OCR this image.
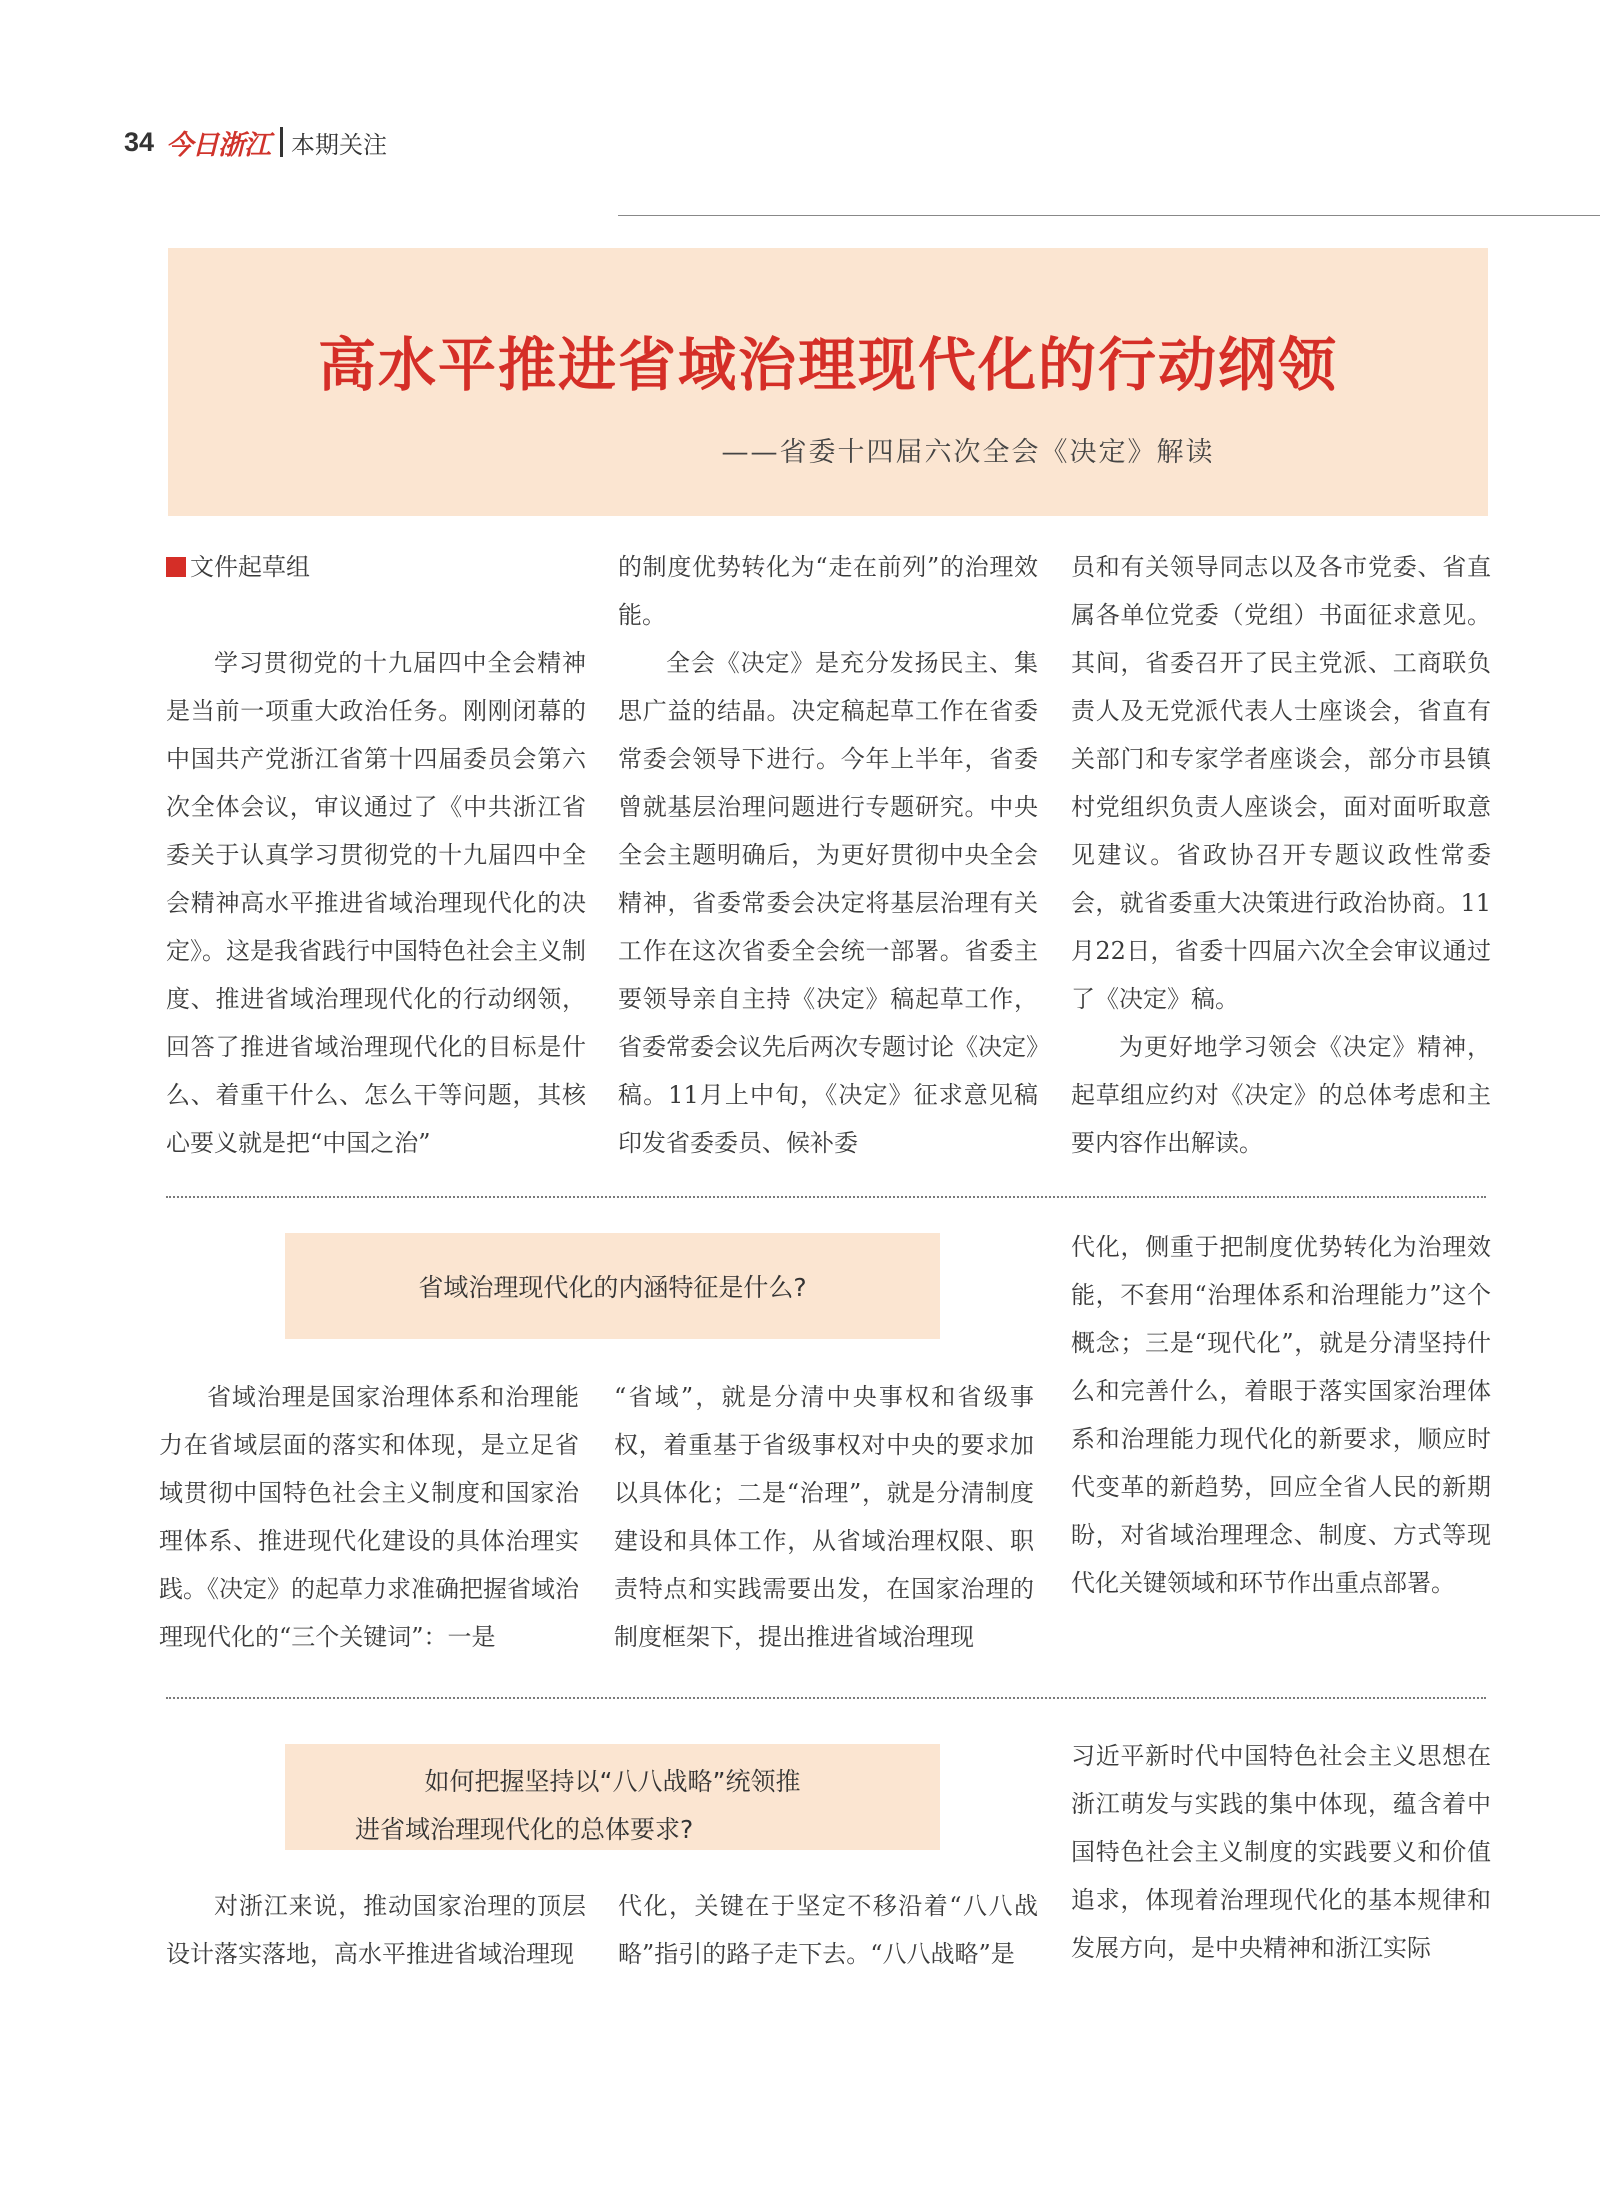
34 今日浙江 本期关注
高水平推进省域治理现代化的行动纲领
——省委十四届六次全会《决定》解读
文件起草组

学习贯彻党的十九届四中全会精神是当前一项重大政治任务。刚刚闭幕的中国共产党浙江省第十四届委员会第六次全体会议，审议通过了《中共浙江省委关于认真学习贯彻党的十九届四中全会精神高水平推进省域治理现代化的决定》。这是我省践行中国特色社会主义制度、推进省域治理现代化的行动纲领，回答了推进省域治理现代化的目标是什么、着重干什么、怎么干等问题，其核心要义就是把“中国之治”

的制度优势转化为“走在前列”的治理效能。

全会《决定》是充分发扬民主、集思广益的结晶。决定稿起草工作在省委常委会领导下进行。今年上半年，省委曾就基层治理问题进行专题研究。中央全会主题明确后，为更好贯彻中央全会精神，省委常委会决定将基层治理有关工作在这次省委全会统一部署。省委主要领导亲自主持《决定》稿起草工作，省委常委会议先后两次专题讨论《决定》稿。11月上中旬，《决定》征求意见稿印发省委委员、候补委

员和有关领导同志以及各市党委、省直属各单位党委（党组）书面征求意见。其间，省委召开了民主党派、工商联负责人及无党派代表人士座谈会，省直有关部门和专家学者座谈会，部分市县镇村党组织负责人座谈会，面对面听取意见建议。省政协召开专题议政性常委会，就省委重大决策进行政治协商。11月22日，省委十四届六次全会审议通过了《决定》稿。

为更好地学习领会《决定》精神，起草组应约对《决定》的总体考虑和主要内容作出解读。

省域治理现代化的内涵特征是什么?

省域治理是国家治理体系和治理能力在省域层面的落实和体现，是立足省域贯彻中国特色社会主义制度和国家治理体系、推进现代化建设的具体治理实践。《决定》的起草力求准确把握省域治理现代化的“三个关键词”：一是

“省域”，就是分清中央事权和省级事权，着重基于省级事权对中央的要求加以具体化；二是“治理”，就是分清制度建设和具体工作，从省域治理权限、职责特点和实践需要出发，在国家治理的制度框架下，提出推进省域治理现

代化，侧重于把制度优势转化为治理效能，不套用“治理体系和治理能力”这个概念；三是“现代化”，就是分清坚持什么和完善什么，着眼于落实国家治理体系和治理能力现代化的新要求，顺应时代变革的新趋势，回应全省人民的新期盼，对省域治理理念、制度、方式等现代化关键领域和环节作出重点部署。

如何把握坚持以“八八战略”统领推

进省域治理现代化的总体要求?

对浙江来说，推动国家治理的顶层设计落实落地，高水平推进省域治理现

代化，关键在于坚定不移沿着“八八战略”指引的路子走下去。“八八战略”是

习近平新时代中国特色社会主义思想在浙江萌发与实践的集中体现，蕴含着中国特色社会主义制度的实践要义和价值追求，体现着治理现代化的基本规律和发展方向，是中央精神和浙江实际
